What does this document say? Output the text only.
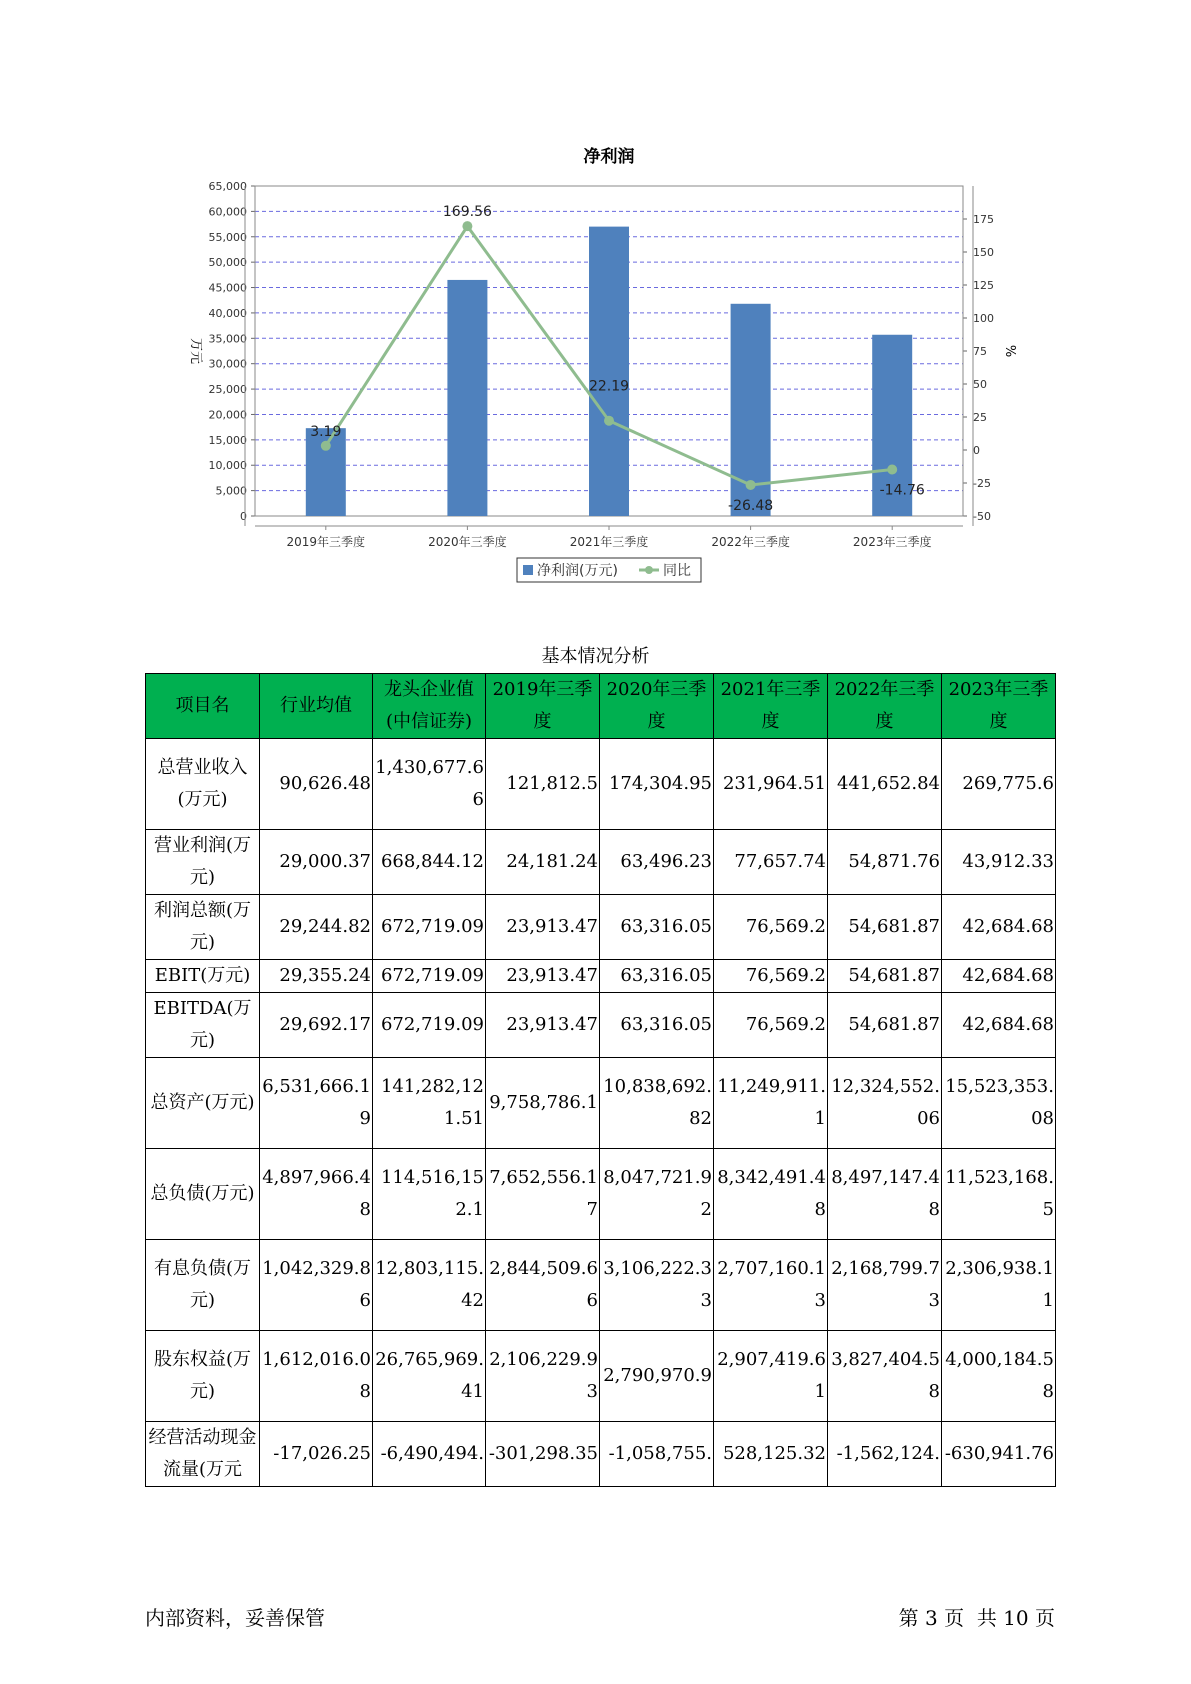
净利润
0
5,000
10,000
15,000
20,000
25,000
30,000
35,000
40,000
45,000
50,000
55,000
60,000
65,000
-50
-25
0
25
50
75
100
125
150
175
万元	%
2019年三季度	2020年三季度	2021年三季度	2022年三季度	2023年三季度
3.19
169.56
22.19
-26.48
-14.76
净利润(万元)	同比
基本情况分析
项目名	行业均值	龙头企业值(中信证券)	2019年三季度	2020年三季度	2021年三季度	2022年三季度	2023年三季度
总营业收入(万元)	90,626.48	1,430,677.66	121,812.5	174,304.95	231,964.51	441,652.84	269,775.6
营业利润(万元)	29,000.37	668,844.12	24,181.24	63,496.23	77,657.74	54,871.76	43,912.33
利润总额(万元)	29,244.82	672,719.09	23,913.47	63,316.05	76,569.2	54,681.87	42,684.68
EBIT(万元)	29,355.24	672,719.09	23,913.47	63,316.05	76,569.2	54,681.87	42,684.68
EBITDA(万元)	29,692.17	672,719.09	23,913.47	63,316.05	76,569.2	54,681.87	42,684.68
总资产(万元)	6,531,666.19	141,282,121.51	9,758,786.1	10,838,692.82	11,249,911.1	12,324,552.06	15,523,353.08
总负债(万元)	4,897,966.48	114,516,152.1	7,652,556.17	8,047,721.92	8,342,491.48	8,497,147.48	11,523,168.5
有息负债(万元)	1,042,329.86	12,803,115.42	2,844,509.66	3,106,222.33	2,707,160.13	2,168,799.73	2,306,938.11
股东权益(万元)	1,612,016.08	26,765,969.41	2,106,229.93	2,790,970.9	2,907,419.61	3,827,404.58	4,000,184.58
经营活动现金流量(万元	-17,026.25	-6,490,494.	-301,298.35	-1,058,755.	528,125.32	-1,562,124.	-630,941.76
内部资料，妥善保管	第 3 页  共 10 页
